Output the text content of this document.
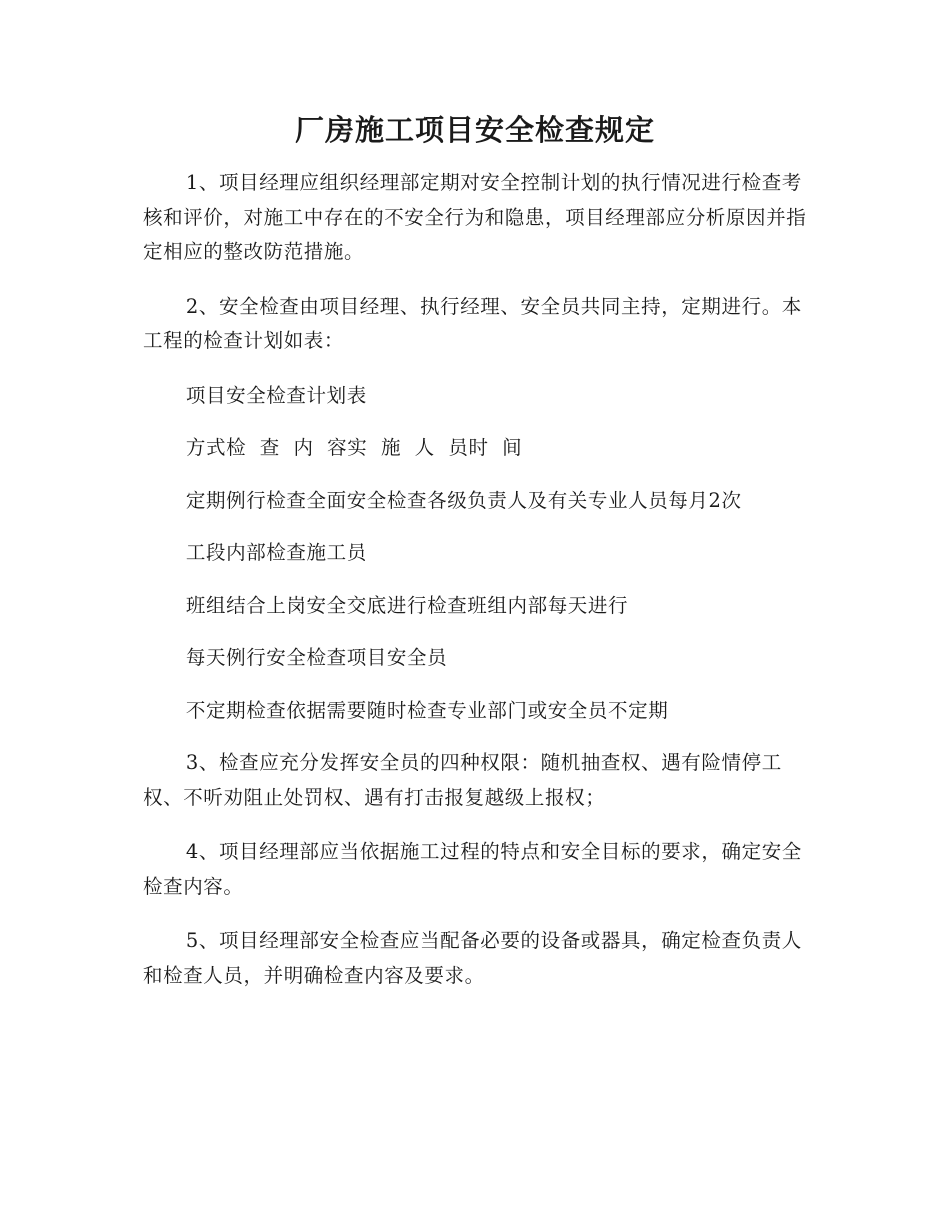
厂房施工项目安全检查规定

1、项目经理应组织经理部定期对安全控制计划的执行情况进行检查考核和评价，对施工中存在的不安全行为和隐患，项目经理部应分析原因并指定相应的整改防范措施。

2、安全检查由项目经理、执行经理、安全员共同主持，定期进行。本工程的检查计划如表：

项目安全检查计划表

方式检  查  内  容实  施  人  员时  间

定期例行检查全面安全检查各级负责人及有关专业人员每月2次

工段内部检查施工员

班组结合上岗安全交底进行检查班组内部每天进行

每天例行安全检查项目安全员

不定期检查依据需要随时检查专业部门或安全员不定期

3、检查应充分发挥安全员的四种权限：随机抽查权、遇有险情停工权、不听劝阻止处罚权、遇有打击报复越级上报权；

4、项目经理部应当依据施工过程的特点和安全目标的要求，确定安全检查内容。

5、项目经理部安全检查应当配备必要的设备或器具，确定检查负责人和检查人员，并明确检查内容及要求。
